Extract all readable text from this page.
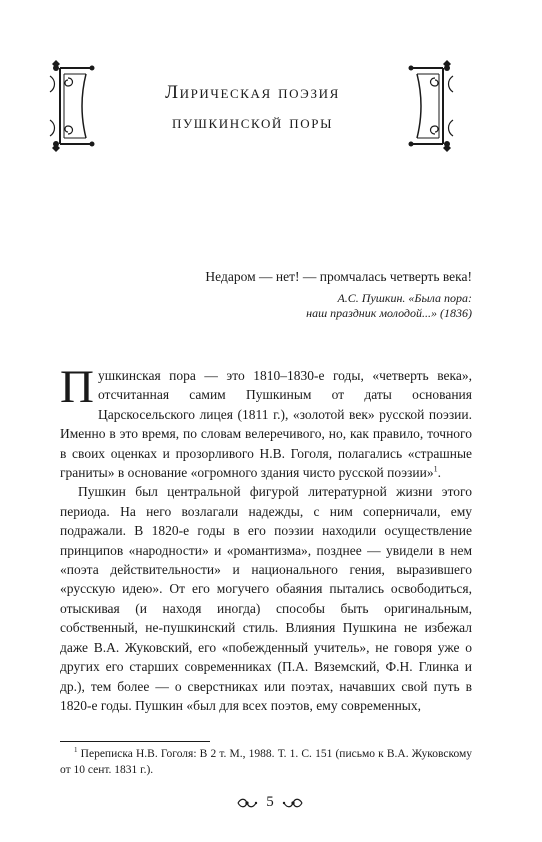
Лирическая поэзия
пушкинской поры
Недаром — нет! — промчалась четверть века!
А.С. Пушкин. «Была пора:
наш праздник молодой...» (1836)

Пушкинская пора — это 1810–1830-е годы, «четверть века», отсчитанная самим Пушкиным от даты основания Царскосельского лицея (1811 г.), «золотой век» русской поэзии. Именно в это время, по словам велеречивого, но, как правило, точного в своих оценках и прозорливого Н.В. Гоголя, полагались «страшные граниты» в основание «огромного здания чисто русской поэзии»$^1$.

Пушкин был центральной фигурой литературной жизни этого периода. На него возлагали надежды, с ним соперничали, ему подражали. В 1820-е годы в его поэзии находили осуществление принципов «народности» и «романтизма», позднее — увидели в нем «поэта действительности» и национального гения, выразившего «русскую идею». От его могучего обаяния пытались освободиться, отыскивая (и находя иногда) способы быть оригинальным, собственный, не-пушкинский стиль. Влияния Пушкина не избежал даже В.А. Жуковский, его «побежденный учитель», не говоря уже о других его старших современниках (П.А. Вяземский, Ф.Н. Глинка и др.), тем более — о сверстниках или поэтах, начавших свой путь в 1820-е годы. Пушкин «был для всех поэтов, ему современных,

$^1$ Переписка Н.В. Гоголя: В 2 т. М., 1988. Т. 1. С. 151 (письмо к В.А. Жуковскому от 10 сент. 1831 г.).
5
